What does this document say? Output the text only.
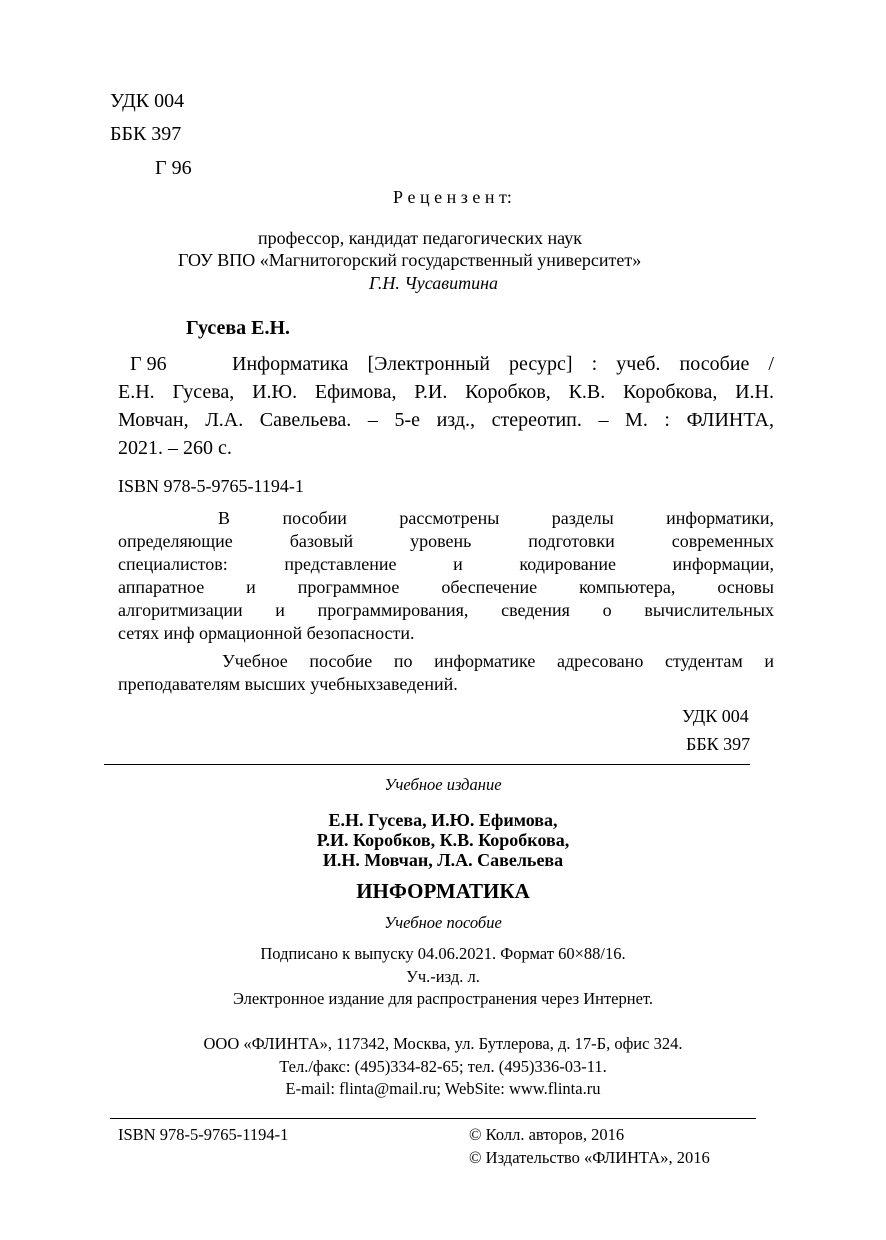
УДК 004
ББК 397
Г 96
Р е ц е н з е н т:
профессор, кандидат педагогических наук
ГОУ ВПО «Магнитогорский государственный университет»
Г.Н. Чусавитина
Гусева Е.Н.
Г 96	Информатика [Электронный ресурс] : учеб. пособие /
Е.Н. Гусева, И.Ю. Ефимова, Р.И. Коробков, К.В. Коробкова, И.Н.
Мовчан, Л.А. Савельева. – 5-е изд., стереотип. – М. : ФЛИНТА,
2021. – 260 с.
ISBN 978-5-9765-1194-1
В пособии рассмотрены разделы информатики,
определяющие базовый уровень подготовки современных
специалистов: представление и кодирование информации,
аппаратное и программное обеспечение компьютера, основы
алгоритмизации и программирования, сведения о вычислительных
сетях инф ормационной безопасности.
Учебное пособие по информатике адресовано студентам и
преподавателям высших учебныхзаведений.
УДК 004
ББК 397
Учебное издание
Е.Н. Гусева, И.Ю. Ефимова,
Р.И. Коробков, К.В. Коробкова,
И.Н. Мовчан, Л.А. Савельева
ИНФОРМАТИКА
Учебное пособие
Подписано к выпуску 04.06.2021. Формат 60×88/16.
Уч.-изд. л.
Электронное издание для распространения через Интернет.
ООО «ФЛИНТА», 117342, Москва, ул. Бутлерова, д. 17-Б, офис 324.
Тел./факс: (495)334-82-65; тел. (495)336-03-11.
E-mail: flinta@mail.ru; WebSite: www.flinta.ru
ISBN 978-5-9765-1194-1	© Колл. авторов, 2016
© Издательство «ФЛИНТА», 2016
